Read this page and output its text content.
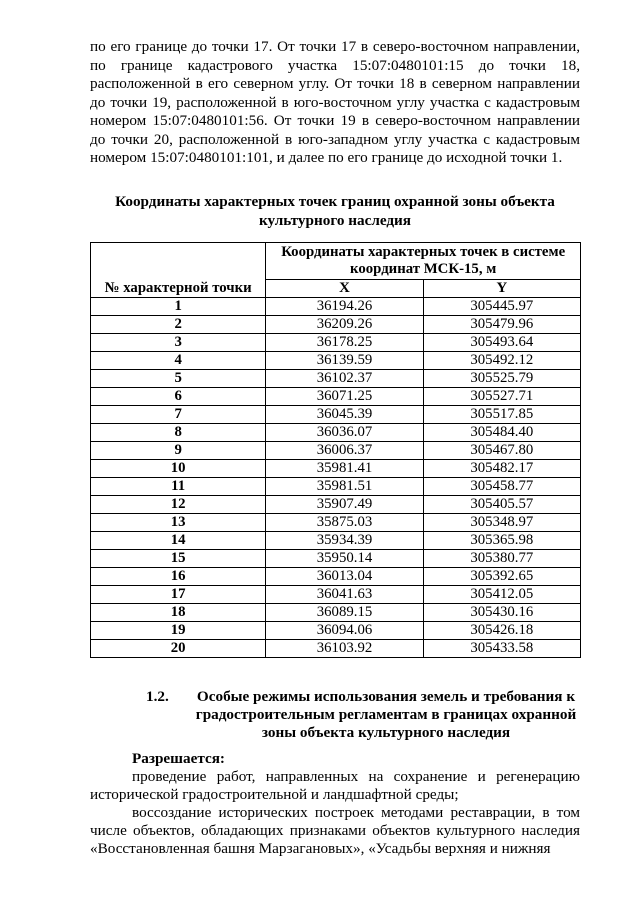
по его границе до точки 17. От точки 17 в северо-восточном направлении, по границе кадастрового участка 15:07:0480101:15 до точки 18, расположенной в его северном углу. От точки 18 в северном направлении до точки 19, расположенной в юго-восточном углу участка с кадастровым номером 15:07:0480101:56. От точки 19 в северо-восточном направлении до точки 20, расположенной в юго-западном углу участка с кадастровым номером 15:07:0480101:101, и далее по его границе до исходной точки 1.

Координаты характерных точек границ охранной зоны объекта культурного наследия
№ характерной точки	Координаты характерных точек в системе координат МСК-15, м	
	X	Y
1	36194.26	305445.97
2	36209.26	305479.96
3	36178.25	305493.64
4	36139.59	305492.12
5	36102.37	305525.79
6	36071.25	305527.71
7	36045.39	305517.85
8	36036.07	305484.40
9	36006.37	305467.80
10	35981.41	305482.17
11	35981.51	305458.77
12	35907.49	305405.57
13	35875.03	305348.97
14	35934.39	305365.98
15	35950.14	305380.77
16	36013.04	305392.65
17	36041.63	305412.05
18	36089.15	305430.16
19	36094.06	305426.18
20	36103.92	305433.58
1.2.	Особые режимы использования земель и требования к градостроительным регламентам в границах охранной зоны объекта культурного наследия
Разрешается:

проведение работ, направленных на сохранение и регенерацию исторической градостроительной и ландшафтной среды;

воссоздание исторических построек методами реставрации, в том числе объектов, обладающих признаками объектов культурного наследия «Восстановленная башня Марзагановых», «Усадьбы верхняя и нижняя
